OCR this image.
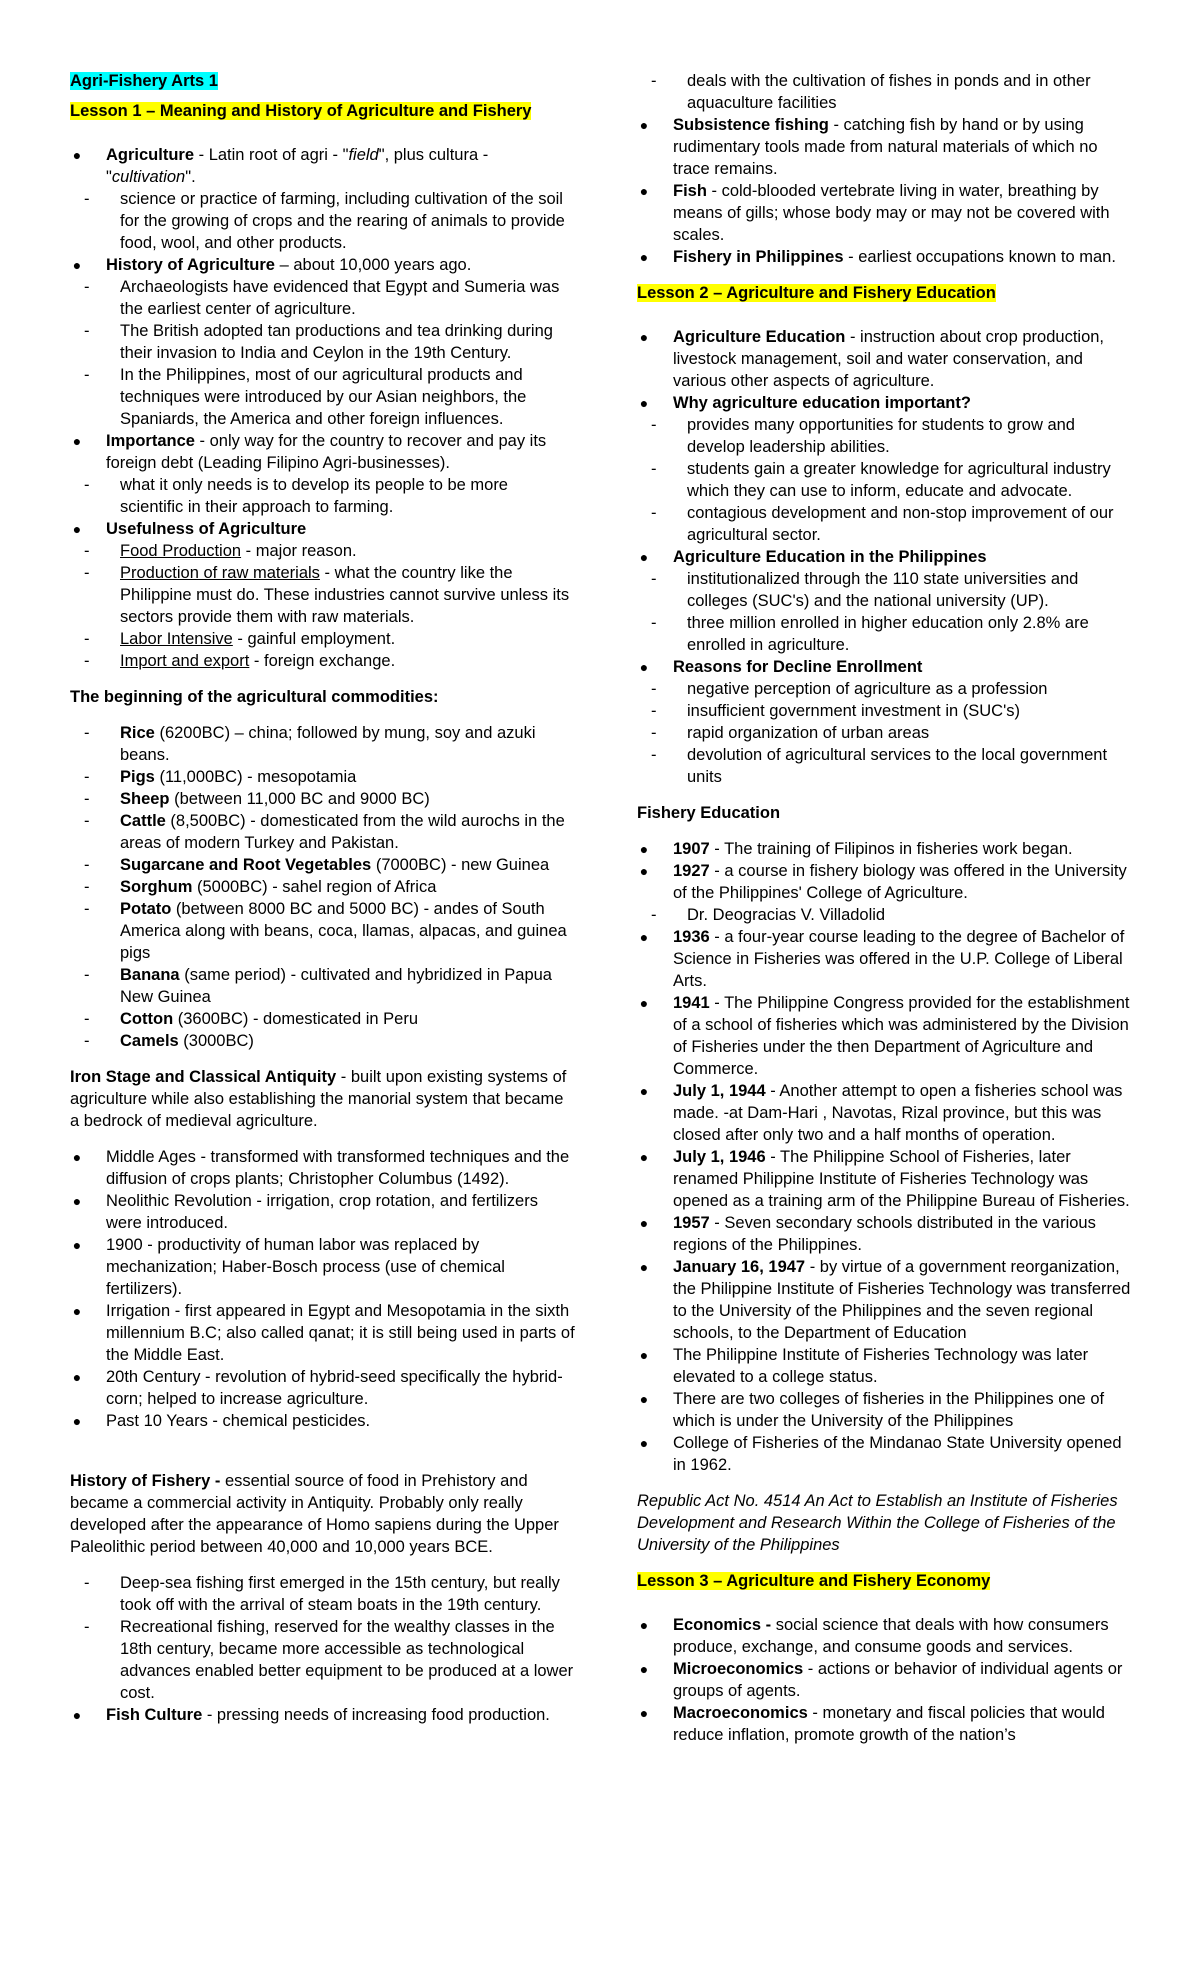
Agri-Fishery Arts 1

Lesson 1 – Meaning and History of Agriculture and Fishery

● Agriculture - Latin root of agri - "field", plus cultura - "cultivation".
- science or practice of farming, including cultivation of the soil for the growing of crops and the rearing of animals to provide food, wool, and other products.
● History of Agriculture – about 10,000 years ago.
- Archaeologists have evidenced that Egypt and Sumeria was the earliest center of agriculture.
- The British adopted tan productions and tea drinking during their invasion to India and Ceylon in the 19th Century.
- In the Philippines, most of our agricultural products and techniques were introduced by our Asian neighbors, the Spaniards, the America and other foreign influences.
● Importance - only way for the country to recover and pay its foreign debt (Leading Filipino Agri-businesses).
- what it only needs is to develop its people to be more scientific in their approach to farming.
● Usefulness of Agriculture
- Food Production - major reason.
- Production of raw materials - what the country like the Philippine must do. These industries cannot survive unless its sectors provide them with raw materials.
- Labor Intensive - gainful employment.
- Import and export - foreign exchange.

The beginning of the agricultural commodities:

- Rice (6200BC) – china; followed by mung, soy and azuki beans.
- Pigs (11,000BC) - mesopotamia
- Sheep (between 11,000 BC and 9000 BC)
- Cattle (8,500BC) - domesticated from the wild aurochs in the areas of modern Turkey and Pakistan.
- Sugarcane and Root Vegetables (7000BC) - new Guinea
- Sorghum (5000BC) - sahel region of Africa
- Potato (between 8000 BC and 5000 BC) - andes of South America along with beans, coca, llamas, alpacas, and guinea pigs
- Banana (same period) - cultivated and hybridized in Papua New Guinea
- Cotton (3600BC) - domesticated in Peru
- Camels (3000BC)

Iron Stage and Classical Antiquity - built upon existing systems of agriculture while also establishing the manorial system that became a bedrock of medieval agriculture.

● Middle Ages - transformed with transformed techniques and the diffusion of crops plants; Christopher Columbus (1492).
● Neolithic Revolution - irrigation, crop rotation, and fertilizers were introduced.
● 1900 - productivity of human labor was replaced by mechanization; Haber-Bosch process (use of chemical fertilizers).
● Irrigation - first appeared in Egypt and Mesopotamia in the sixth millennium B.C; also called qanat; it is still being used in parts of the Middle East.
● 20th Century - revolution of hybrid-seed specifically the hybrid-corn; helped to increase agriculture.
● Past 10 Years - chemical pesticides.

History of Fishery - essential source of food in Prehistory and became a commercial activity in Antiquity. Probably only really developed after the appearance of Homo sapiens during the Upper Paleolithic period between 40,000 and 10,000 years BCE.

- Deep-sea fishing first emerged in the 15th century, but really took off with the arrival of steam boats in the 19th century.
- Recreational fishing, reserved for the wealthy classes in the 18th century, became more accessible as technological advances enabled better equipment to be produced at a lower cost.
● Fish Culture - pressing needs of increasing food production.
- deals with the cultivation of fishes in ponds and in other aquaculture facilities
● Subsistence fishing - catching fish by hand or by using rudimentary tools made from natural materials of which no trace remains.
● Fish - cold-blooded vertebrate living in water, breathing by means of gills; whose body may or may not be covered with scales.
● Fishery in Philippines - earliest occupations known to man.

Lesson 2 – Agriculture and Fishery Education

● Agriculture Education - instruction about crop production, livestock management, soil and water conservation, and various other aspects of agriculture.
● Why agriculture education important?
- provides many opportunities for students to grow and develop leadership abilities.
- students gain a greater knowledge for agricultural industry which they can use to inform, educate and advocate.
- contagious development and non-stop improvement of our agricultural sector.
● Agriculture Education in the Philippines
- institutionalized through the 110 state universities and colleges (SUC's) and the national university (UP).
- three million enrolled in higher education only 2.8% are enrolled in agriculture.
● Reasons for Decline Enrollment
- negative perception of agriculture as a profession
- insufficient government investment in (SUC's)
- rapid organization of urban areas
- devolution of agricultural services to the local government units

Fishery Education

● 1907 - The training of Filipinos in fisheries work began.
● 1927 - a course in fishery biology was offered in the University of the Philippines' College of Agriculture.
- Dr. Deogracias V. Villadolid
● 1936 - a four-year course leading to the degree of Bachelor of Science in Fisheries was offered in the U.P. College of Liberal Arts.
● 1941 - The Philippine Congress provided for the establishment of a school of fisheries which was administered by the Division of Fisheries under the then Department of Agriculture and Commerce.
● July 1, 1944 - Another attempt to open a fisheries school was made. -at Dam-Hari , Navotas, Rizal province, but this was closed after only two and a half months of operation.
● July 1, 1946 - The Philippine School of Fisheries, later renamed Philippine Institute of Fisheries Technology was opened as a training arm of the Philippine Bureau of Fisheries.
● 1957 - Seven secondary schools distributed in the various regions of the Philippines.
● January 16, 1947 - by virtue of a government reorganization, the Philippine Institute of Fisheries Technology was transferred to the University of the Philippines and the seven regional schools, to the Department of Education
● The Philippine Institute of Fisheries Technology was later elevated to a college status.
● There are two colleges of fisheries in the Philippines one of which is under the University of the Philippines
● College of Fisheries of the Mindanao State University opened in 1962.

Republic Act No. 4514 An Act to Establish an Institute of Fisheries Development and Research Within the College of Fisheries of the University of the Philippines

Lesson 3 – Agriculture and Fishery Economy

● Economics - social science that deals with how consumers produce, exchange, and consume goods and services.
● Microeconomics - actions or behavior of individual agents or groups of agents.
● Macroeconomics - monetary and fiscal policies that would reduce inflation, promote growth of the nation’s
